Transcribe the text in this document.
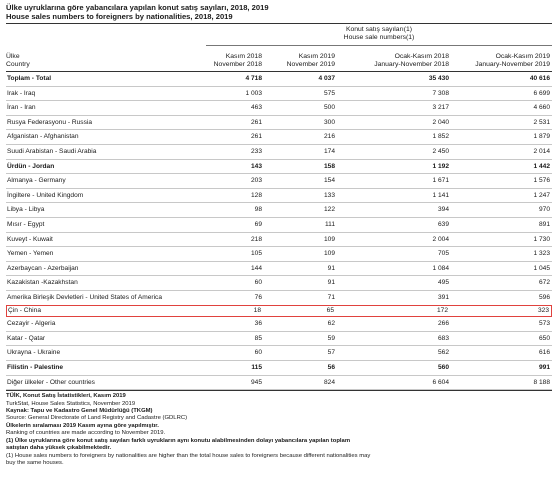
Ülke uyruklarına göre yabancılara yapılan konut satış sayıları, 2018, 2019
House sales numbers to foreigners by nationalities, 2018, 2019
Konut satış sayıları(1)
House sale numbers(1)
Ülke
Country
Kasım 2018
November 2018
Kasım 2019
November 2019
Ocak-Kasım 2018
January-November 2018
Ocak-Kasım 2019
January-November 2019
Toplam - Total	4 718	4 037	35 430	40 616
Irak - Iraq	1 003	575	7 308	6 699
İran - Iran	463	500	3 217	4 660
Rusya Federasyonu - Russia	261	300	2 040	2 531
Afganistan - Afghanistan	261	216	1 852	1 879
Suudi Arabistan - Saudi Arabia	233	174	2 450	2 014
Ürdün - Jordan	143	158	1 192	1 442
Almanya - Germany	203	154	1 671	1 576
İngiltere - United Kingdom	128	133	1 141	1 247
Libya - Libya	98	122	394	970
Mısır - Egypt	69	111	639	891
Kuveyt - Kuwait	218	109	2 004	1 730
Yemen - Yemen	105	109	705	1 323
Azerbaycan - Azerbaijan	144	91	1 084	1 045
Kazakistan -Kazakhstan	60	91	495	672
Amerika Birleşik Devletleri - United States of America	76	71	391	596
Çin - China	18	65	172	323
Cezayir - Algeria	36	62	266	573
Katar - Qatar	85	59	683	650
Ukrayna - Ukraine	60	57	562	616
Filistin - Palestine	115	56	560	991
Diğer ülkeler - Other countries	945	824	6 604	8 188
TÜİK, Konut Satış İstatistikleri, Kasım 2019
TurkStat, House Sales Statistics, November 2019
Kaynak: Tapu ve Kadastro Genel Müdürlüğü (TKGM)
Source: General Directorate of Land Registry and Cadastre (GDLRC)
Ülkelerin sıralaması 2019 Kasım ayına göre yapılmıştır.
Ranking of countries are made according to November 2019.
(1) Ülke uyruklarına göre konut satış sayıları farklı uyrukların aynı konutu alabilmesinden dolayı yabancılara yapılan toplam
satıştan daha yüksek çıkabilmektedir.
(1) House sales numbers to foreigners by nationalities are higher than the total house sales to foreigners because different nationalities may
buy the same houses.
